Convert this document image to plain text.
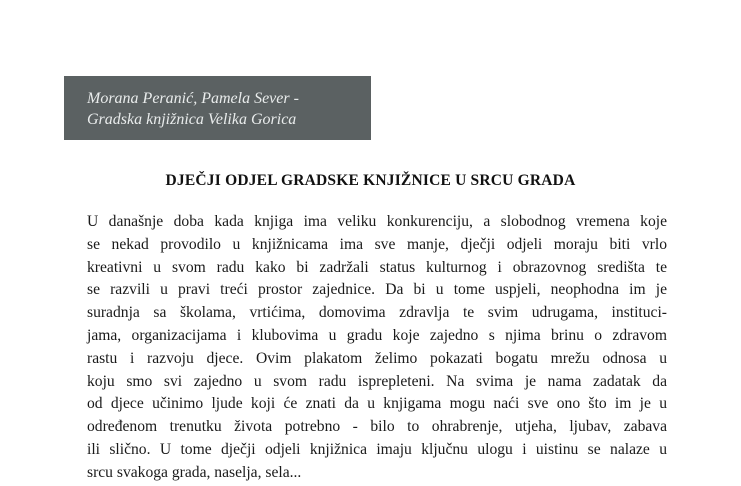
Morana Peranić, Pamela Sever -
Gradska knjižnica Velika Gorica
DJEČJI ODJEL GRADSKE KNJIŽNICE U SRCU GRADA
U današnje doba kada knjiga ima veliku konkurenciju, a slobodnog vremena koje
se nekad provodilo u knjižnicama ima sve manje, dječji odjeli moraju biti vrlo
kreativni u svom radu kako bi zadržali status kulturnog i obrazovnog središta te
se razvili u pravi treći prostor zajednice. Da bi u tome uspjeli, neophodna im je
suradnja sa školama, vrtićima, domovima zdravlja te svim udrugama, instituci-
jama, organizacijama i klubovima u gradu koje zajedno s njima brinu o zdravom
rastu i razvoju djece. Ovim plakatom želimo pokazati bogatu mrežu odnosa u
koju smo svi zajedno u svom radu isprepleteni. Na svima je nama zadatak da
od djece učinimo ljude koji će znati da u knjigama mogu naći sve ono što im je u
određenom trenutku života potrebno - bilo to ohrabrenje, utjeha, ljubav, zabava
ili slično. U tome dječji odjeli knjižnica imaju ključnu ulogu i uistinu se nalaze u
srcu svakoga grada, naselja, sela...
